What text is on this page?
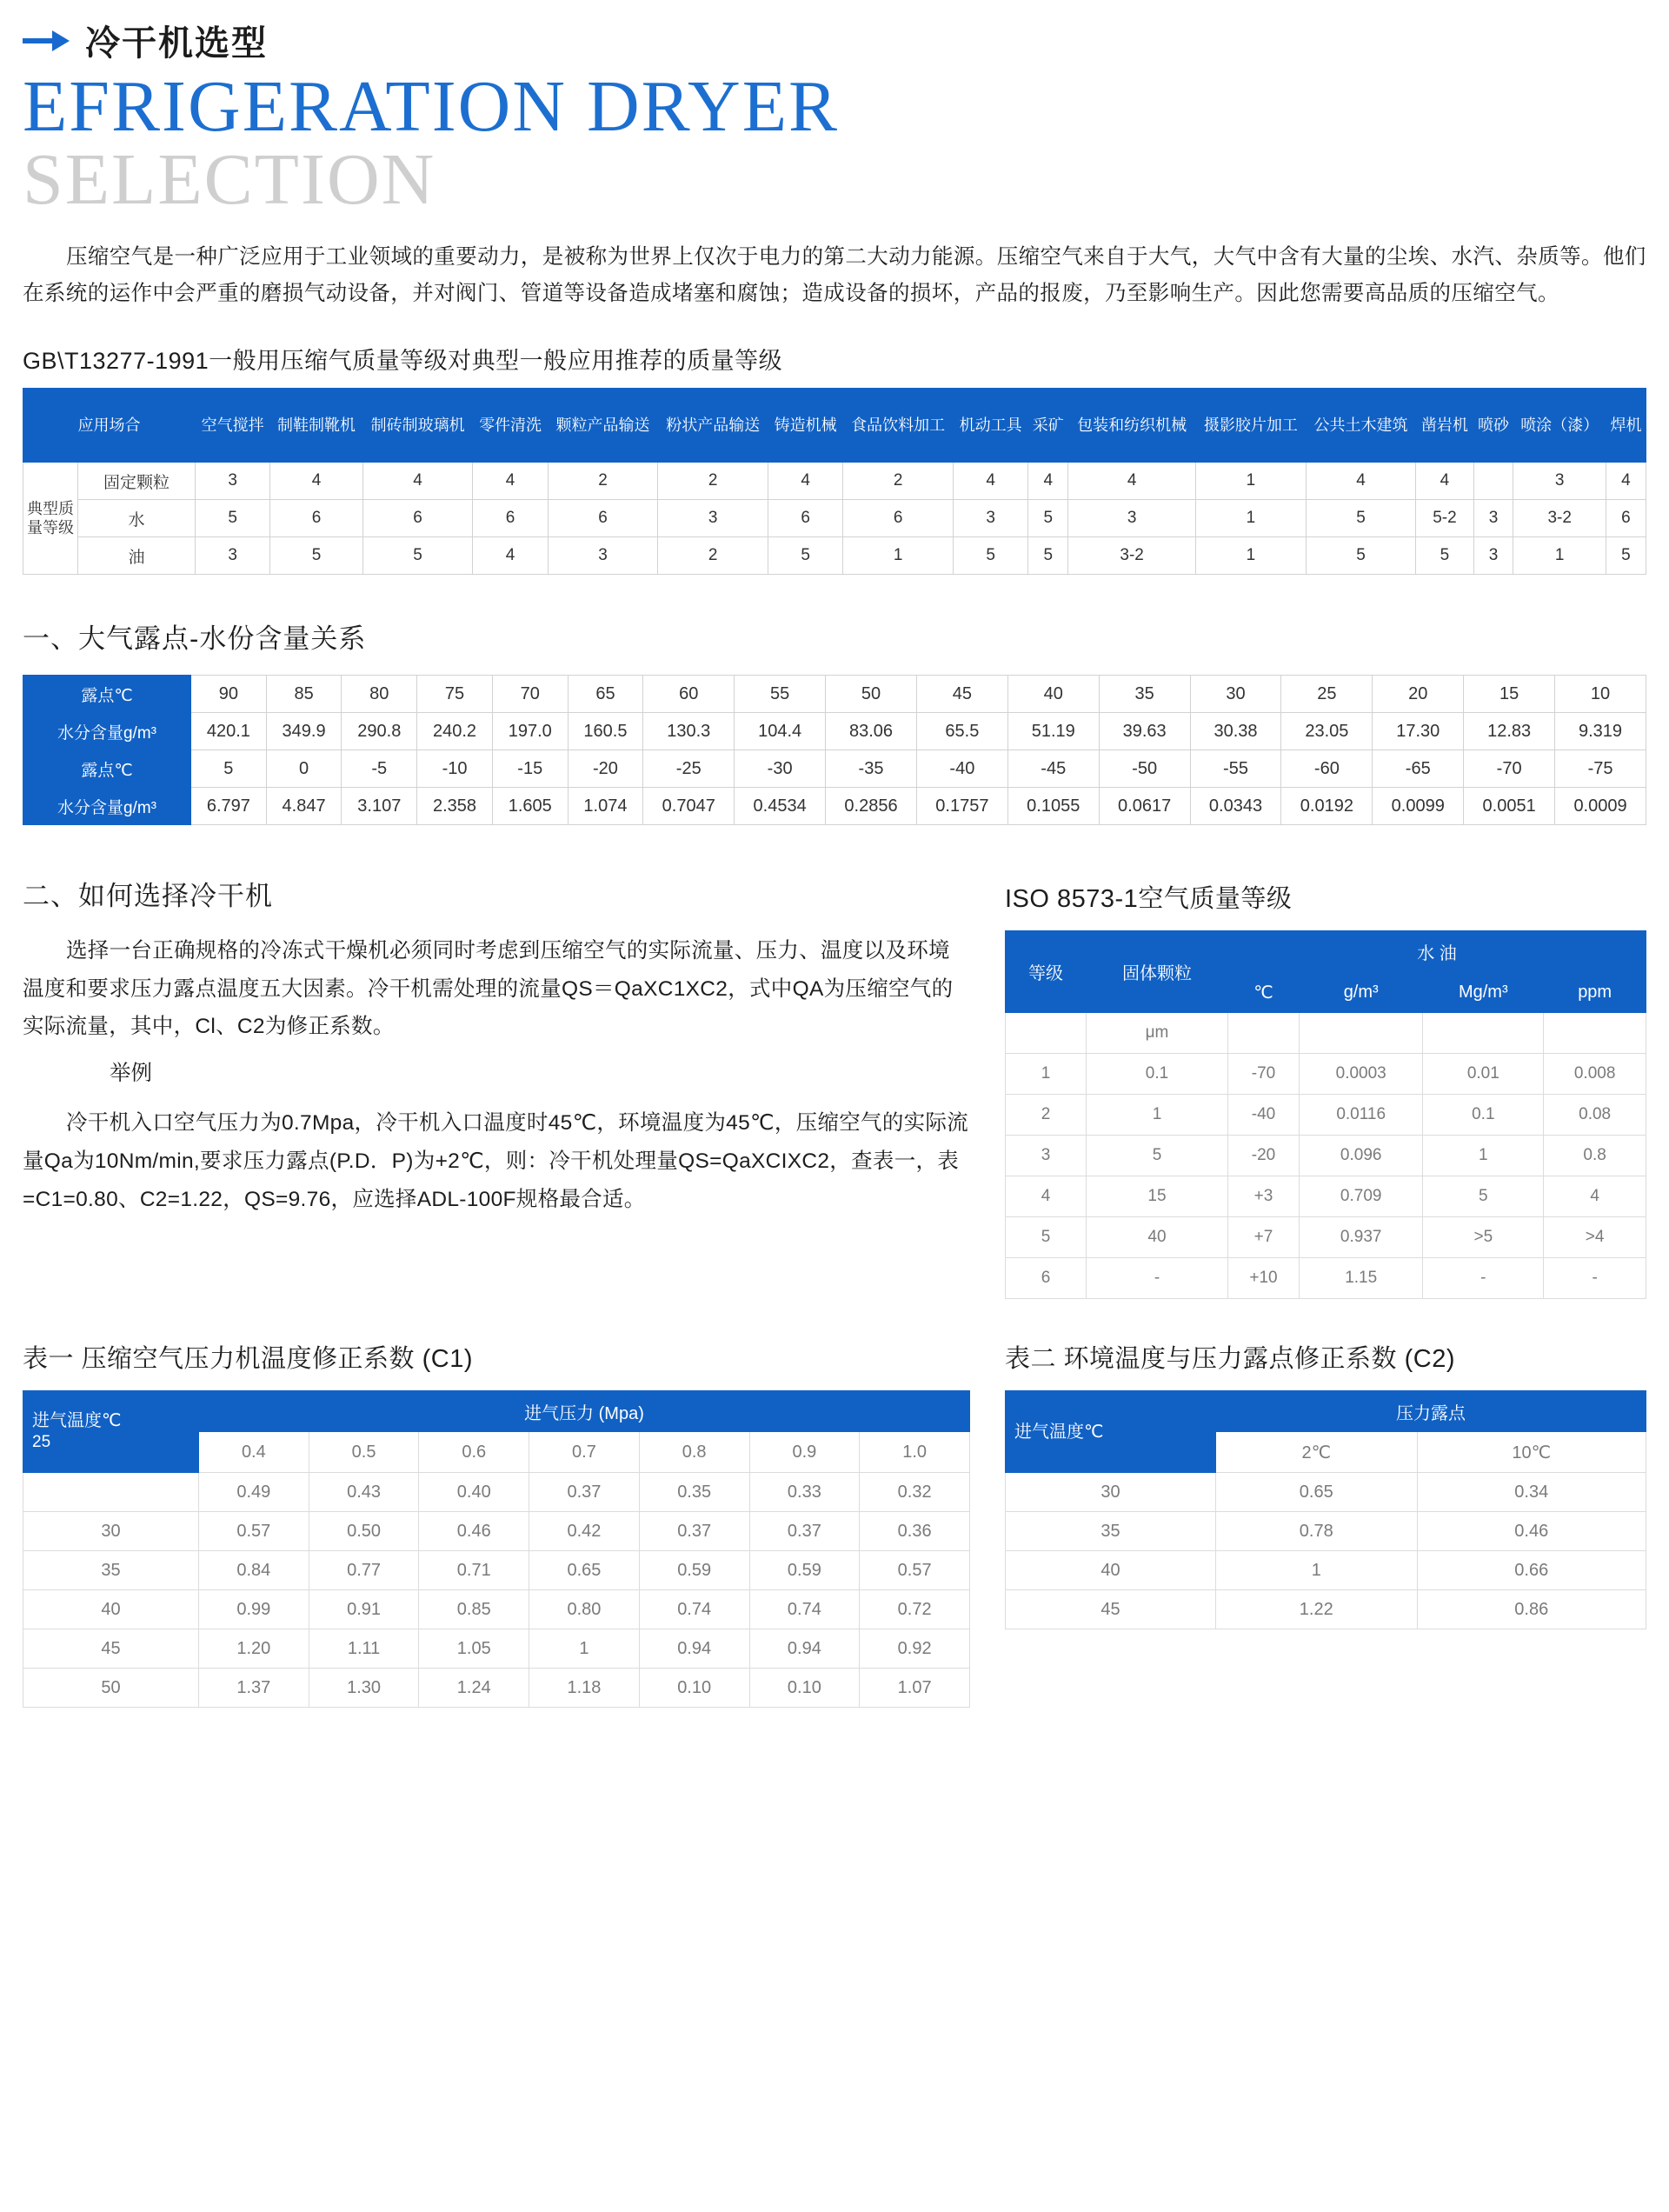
冷干机选型
EFRIGERATION DRYER
SELECTION

压缩空气是一种广泛应用于工业领域的重要动力，是被称为世界上仅次于电力的第二大动力能源。压缩空气来自于大气，大气中含有大量的尘埃、水汽、杂质等。他们在系统的运作中会严重的磨损气动设备，并对阀门、管道等设备造成堵塞和腐蚀；造成设备的损坏，产品的报废，乃至影响生产。因此您需要高品质的压缩空气。

GB\T13277-1991一般用压缩气质量等级对典型一般应用推荐的质量等级
应用场合		空气搅拌	制鞋制靴机	制砖制玻璃机	零件清洗	颗粒产品输送	粉状产品输送	铸造机械	食品饮料加工	机动工具	采矿	包装和纺织机械	摄影胶片加工	公共土木建筑	凿岩机	喷砂	喷涂（漆）	焊机
典型质量等级	固定颗粒	3	4	4	4	2	2	4	2	4	4	4	1	4	4		3	4
	水	5	6	6	6	6	3	6	6	3	5	3	1	5	5-2	3	3-2	6
	油	3	5	5	4	3	2	5	1	5	5	3-2	1	5	5	3	1	5
一、大气露点-水份含量关系
露点℃	90	85	80	75	70	65	60	55	50	45	40	35	30	25	20	15	10
水分含量g/m³	420.1	349.9	290.8	240.2	197.0	160.5	130.3	104.4	83.06	65.5	51.19	39.63	30.38	23.05	17.30	12.83	9.319
露点℃	5	0	-5	-10	-15	-20	-25	-30	-35	-40	-45	-50	-55	-60	-65	-70	-75
水分含量g/m³	6.797	4.847	3.107	2.358	1.605	1.074	0.7047	0.4534	0.2856	0.1757	0.1055	0.0617	0.0343	0.0192	0.0099	0.0051	0.0009
二、如何选择冷干机

选择一台正确规格的冷冻式干燥机必须同时考虑到压缩空气的实际流量、压力、温度以及环境温度和要求压力露点温度五大因素。冷干机需处理的流量QS＝QaXC1XC2，式中QA为压缩空气的实际流量，其中，Cl、C2为修正系数。

举例

冷干机入口空气压力为0.7Mpa，冷干机入口温度时45℃，环境温度为45℃，压缩空气的实际流量Qa为10Nm/min,要求压力露点(P.D．P)为+2℃，则：冷干机处理量QS=QaXCIXC2，查表一，表=C1=0.80、C2=1.22，QS=9.76，应选择ADL-100F规格最合适。

ISO 8573-1空气质量等级
等级	固体颗粒	水 油			
		℃	g/m³	Mg/m³	ppm
	μm				
1	0.1	-70	0.0003	0.01	0.008
2	1	-40	0.0116	0.1	0.08
3	5	-20	0.096	1	0.8
4	15	+3	0.709	5	4
5	40	+7	0.937	>5	>4
6	-	+10	1.15	-	-
表一 压缩空气压力机温度修正系数 (C1)
进气温度℃
25	进气压力 (Mpa)						
	0.4	0.5	0.6	0.7	0.8	0.9	1.0
	0.49	0.43	0.40	0.37	0.35	0.33	0.32
30	0.57	0.50	0.46	0.42	0.37	0.37	0.36
35	0.84	0.77	0.71	0.65	0.59	0.59	0.57
40	0.99	0.91	0.85	0.80	0.74	0.74	0.72
45	1.20	1.11	1.05	1	0.94	0.94	0.92
50	1.37	1.30	1.24	1.18	0.10	0.10	1.07
表二 环境温度与压力露点修正系数 (C2)
进气温度℃	压力露点	
	2℃	10℃
30	0.65	0.34
35	0.78	0.46
40	1	0.66
45	1.22	0.86
